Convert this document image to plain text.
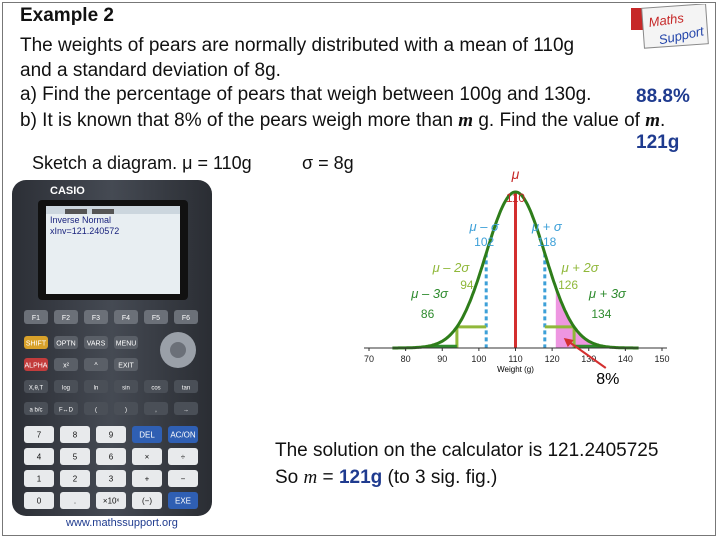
Example 2
The weights of pears are normally distributed with a mean of 110g
and a standard deviation of 8g.
a) Find the percentage of pears that weigh between 100g and 130g.
b) It is known that 8% of the pears weigh more than m g. Find the value of m.
88.8%
121g
Sketch a diagram. μ = 110g	σ = 8g
Maths
Support
CASIO
Inverse Normal
xInv=121.240572
F1	F2	F3	F4	F5	F6
SHIFT OPTN VARS MENU
ALPHA x²	^	EXIT
X,θ,T	log	ln	sin	cos	tan
a b/c	F↔D	(	)	,	→
7	8	9	DEL AC/ON
4	5	6	×	÷
1	2	3	+	−
0	.	×10ˣ	(−)	EXE
70	80	90	100 110 120 130 140 150
Weight (g)
μ
110
μ – σ
102
μ + σ
118
μ – 2σ
94
μ + 2σ
126
μ – 3σ
86
μ + 3σ
134
8%
The solution on the calculator is 121.2405725
So m = 121g (to 3 sig. fig.)
www.mathssupport.org
